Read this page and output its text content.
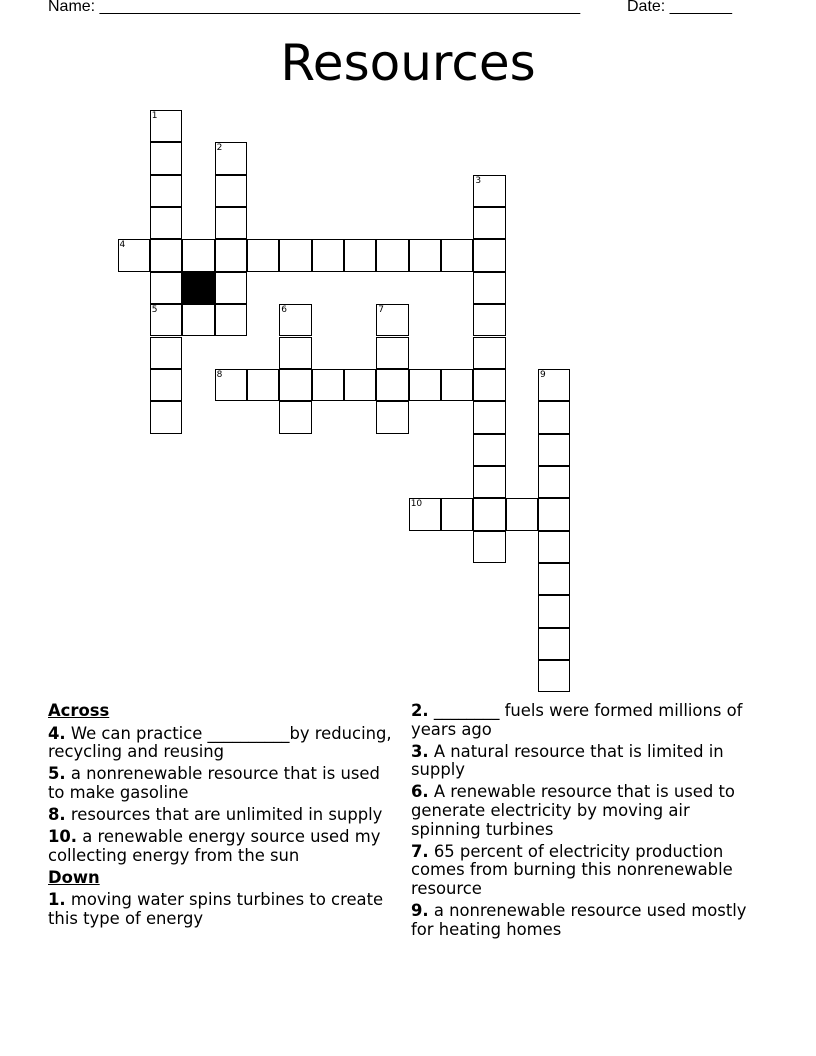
Name: ______________________________________________________	Date: _______
Resources
1
5
2
3
4
6	7
8	9
10
Across
4. We can practice __________by reducing, recycling and reusing
5. a nonrenewable resource that is used to make gasoline
8. resources that are unlimited in supply
10. a renewable energy source used my collecting energy from the sun
Down
1. moving water spins turbines to create this type of energy
2. ________ fuels were formed millions of years ago
3. A natural resource that is limited in supply
6. A renewable resource that is used to generate electricity by moving air spinning turbines
7. 65 percent of electricity production comes from burning this nonrenewable resource
9. a nonrenewable resource used mostly for heating homes
